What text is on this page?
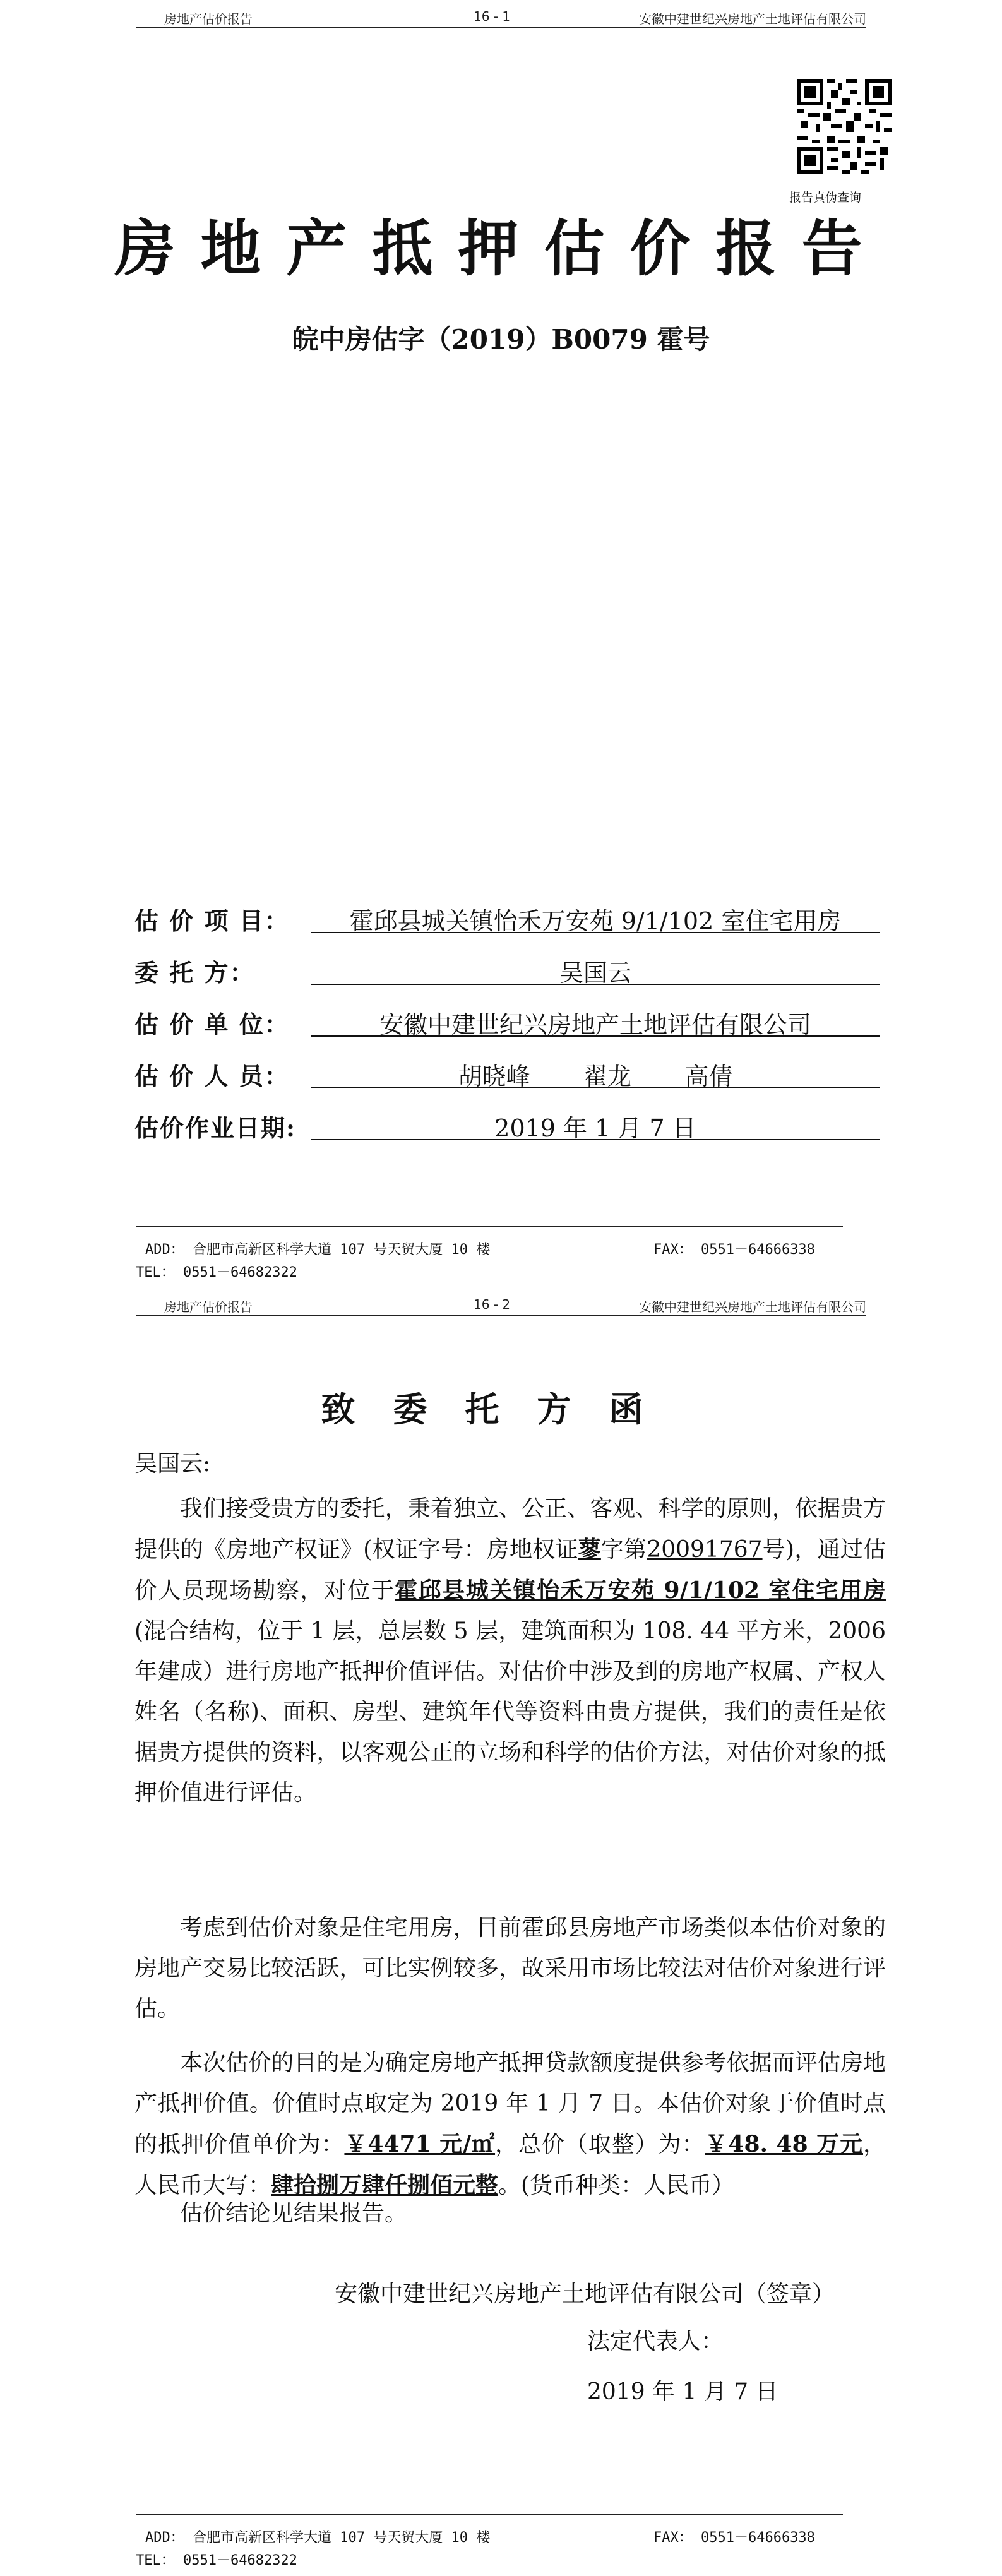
房地产估价报告	16 - 1	安徽中建世纪兴房地产土地评估有限公司
报告真伪查询
房地产抵押估价报告
皖中房估字（2019）B0079 霍号
估 价 项 目：	霍邱县城关镇怡禾万安苑 9/1/102 室住宅用房
委 托 方：	吴国云
估 价 单 位：	安徽中建世纪兴房地产土地评估有限公司
估 价 人 员：	胡晓峰       翟龙       高倩
估价作业日期:	2019 年 1 月 7 日
ADD： 合肥市高新区科学大道 107 号天贸大厦 10 楼	FAX： 0551－64666338
TEL： 0551－64682322
房地产估价报告	16 - 2	安徽中建世纪兴房地产土地评估有限公司
致委托方函
吴国云:
我们接受贵方的委托，秉着独立、公正、客观、科学的原则，依据贵方提供的《房地产权证》(权证字号：房地权证蓼字第20091767号)，通过估价人员现场勘察，对位于霍邱县城关镇怡禾万安苑 9/1/102 室住宅用房(混合结构，位于 1 层，总层数 5 层，建筑面积为 108. 44 平方米，2006 年建成）进行房地产抵押价值评估。对估价中涉及到的房地产权属、产权人姓名（名称)、面积、房型、建筑年代等资料由贵方提供，我们的责任是依据贵方提供的资料，以客观公正的立场和科学的估价方法，对估价对象的抵押价值进行评估。
考虑到估价对象是住宅用房，目前霍邱县房地产市场类似本估价对象的房地产交易比较活跃，可比实例较多，故采用市场比较法对估价对象进行评估。
本次估价的目的是为确定房地产抵押贷款额度提供参考依据而评估房地产抵押价值。价值时点取定为 2019 年 1 月 7 日。本估价对象于价值时点的抵押价值单价为：￥4471 元/㎡，总价（取整）为：￥48. 48 万元，人民币大写：肆拾捌万肆仟捌佰元整。(货币种类：人民币）
估价结论见结果报告。
安徽中建世纪兴房地产土地评估有限公司（签章）
法定代表人：
2019 年 1 月 7 日
ADD： 合肥市高新区科学大道 107 号天贸大厦 10 楼	FAX： 0551－64666338
TEL： 0551－64682322
